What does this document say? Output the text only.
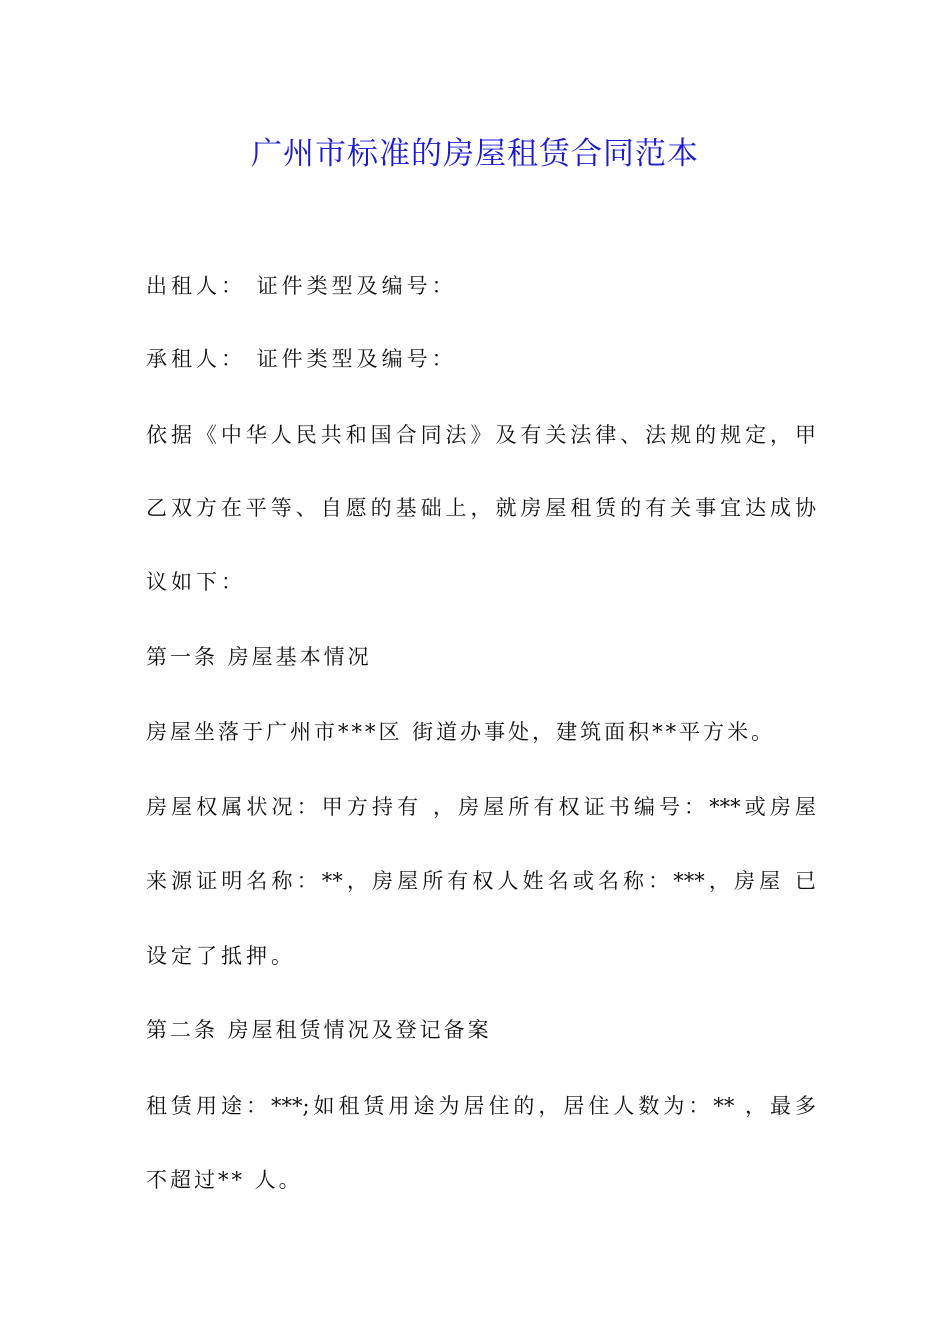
广州市标准的房屋租赁合同范本

出租人： 证件类型及编号：

承租人： 证件类型及编号：

依据《中华人民共和国合同法》及有关法律、法规的规定，甲

乙双方在平等、自愿的基础上，就房屋租赁的有关事宜达成协

议如下：

第一条 房屋基本情况

房屋坐落于广州市***区 街道办事处，建筑面积**平方米。

房屋权属状况：甲方持有 ，房屋所有权证书编号：***或房屋

来源证明名称：**，房屋所有权人姓名或名称：***，房屋 已

设定了抵押。

第二条 房屋租赁情况及登记备案

租赁用途：***;如租赁用途为居住的，居住人数为：** ，最多

不超过** 人。
